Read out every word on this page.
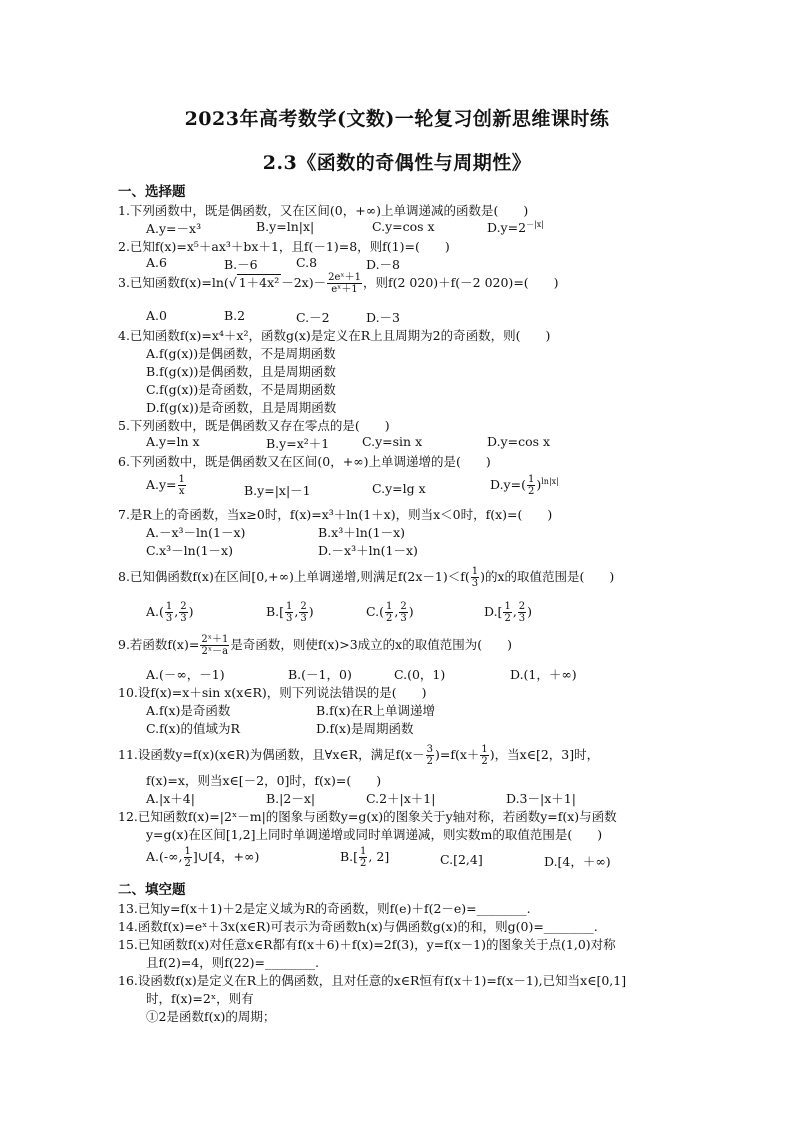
2023年高考数学(文数)一轮复习创新思维课时练
2.3《函数的奇偶性与周期性》
一、选择题
1.下列函数中，既是偶函数，又在区间(0，+∞)上单调递减的函数是(　　)
A.y=－x³	B.y=ln|x|	C.y=cos x	$D.y=2^{-|x|}$
2.已知f(x)=x⁵＋ax³＋bx＋1，且f(－1)=8，则f(1)=(　　)
A.6	B.－6	C.8	D.－8
3.已知函数f(x)=ln(√ $1+4x^2 -2x)- \frac{\text{2eˣ＋1}}{\text{eˣ＋1}}$ ，则f(2 020)＋f(－2 020)=(　　)
A.0	B.2	C.－2	D.－3
4.已知函数f(x)=x⁴＋x²，函数g(x)是定义在R上且周期为2的奇函数，则(　　)
A.f(g(x))是偶函数，不是周期函数
B.f(g(x))是偶函数，且是周期函数
C.f(g(x))是奇函数，不是周期函数
D.f(g(x))是奇函数，且是周期函数
5.下列函数中，既是偶函数又存在零点的是(　　)
A.y=ln x	B.y=x²＋1	C.y=sin x	D.y=cos x
6.下列函数中，既是偶函数又在区间(0，+∞)上单调递增的是(　　)
$A.y= \frac{1}{x}$	B.y=|x|－1	C.y=lg x	$D.y=( \frac{1}{2} )^{ln|x|}$
7.是R上的奇函数，当x≥0时，f(x)=x³＋ln(1＋x)，则当x＜0时，f(x)=(　　)
A.－x³－ln(1－x)	B.x³＋ln(1－x)
C.x³－ln(1－x)	D.－x³＋ln(1－x)
8.已知偶函数f(x)在区间[0,+∞)上单调递增,则满足$f(2x-1)<f( \frac{1}{3}$ )的x的取值范围是(　　)
$A.( \frac{1}{3}$ , $\frac{2}{3}$ )	$B.[ \frac{1}{3}$ , $\frac{2}{3}$ )	$C.( \frac{1}{2}$ , $\frac{2}{3}$ )	$D.[ \frac{1}{2}$ , $\frac{2}{3}$ )
9.若函数$f(x)= \frac{\text{2ˣ＋1}}{\text{2ˣ－a}}$ 是奇函数，则使f(x)>3成立的x的取值范围为(　　)
A.(－∞，－1)	B.(－1，0)	C.(0，1)	D.(1，＋∞)
10.设f(x)=x＋sin x(x∈R)，则下列说法错误的是(　　)
A.f(x)是奇函数	B.f(x)在R上单调递增
C.f(x)的值域为R	D.f(x)是周期函数
11.设函数y=f(x)(x∈R)为偶函数，且∀x∈R，满足$f(x- \frac{3}{2} )=f(x+ \frac{1}{2}$ )，当x∈[2，3]时，
f(x)=x，则当x∈[－2，0]时，f(x)=(　　)
A.|x＋4|	B.|2－x|	C.2＋|x＋1|	D.3－|x＋1|
12.已知函数f(x)=|2ˣ－m|的图象与函数y=g(x)的图象关于y轴对称，若函数y=f(x)与函数
y=g(x)在区间[1,2]上同时单调递增或同时单调递减，则实数m的取值范围是(　　)
A.(-∞, $\frac{1}{2}$ ]∪[4，+∞)	$B.[ \frac{1}{2}$ , 2]	C.[2,4]	D.[4，＋∞)
二、填空题
13.已知y=f(x＋1)＋2是定义域为R的奇函数，则f(e)＋f(2－e)=________.
14.函数f(x)=eˣ＋3x(x∈R)可表示为奇函数h(x)与偶函数g(x)的和，则g(0)=________.
15.已知函数f(x)对任意x∈R都有f(x＋6)＋f(x)=2f(3)，y=f(x－1)的图象关于点(1,0)对称
且f(2)=4，则f(22)=________.
16.设函数f(x)是定义在R上的偶函数，且对任意的x∈R恒有f(x＋1)=f(x－1),已知当x∈[0,1]
时，f(x)=2ˣ，则有
①2是函数f(x)的周期；
